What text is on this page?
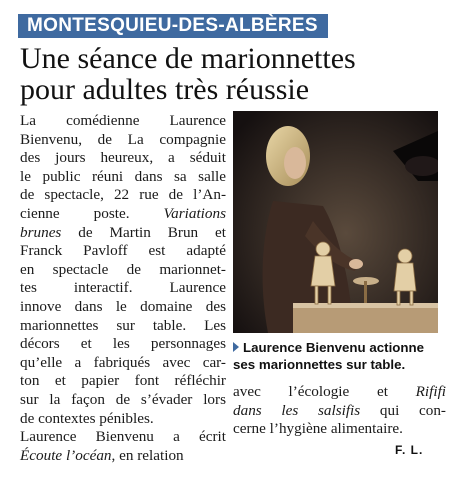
MONTESQUIEU-DES-ALBÈRES
Une séance de marionnettes
pour adultes très réussie
La comédienne Laurence
Bienvenu, de La compagnie
des jours heureux, a séduit
le public réuni dans sa salle
de spectacle, 22 rue de l’An-
cienne poste. Variations
brunes de Martin Brun et
Franck Pavloff est adapté
en spectacle de marionnet-
tes interactif. Laurence
innove dans le domaine des
marionnettes sur table. Les
décors et les personnages
qu’elle a fabriqués avec car-
ton et papier font réfléchir
sur la façon de s’évader lors
de contextes pénibles.
Laurence Bienvenu a écrit
Écoute l’océan, en relation
Laurence Bienvenu actionne
ses marionnettes sur table.
avec l’écologie et Rififi
dans les salsifis qui con-
cerne l’hygiène alimentaire.
F. L.
